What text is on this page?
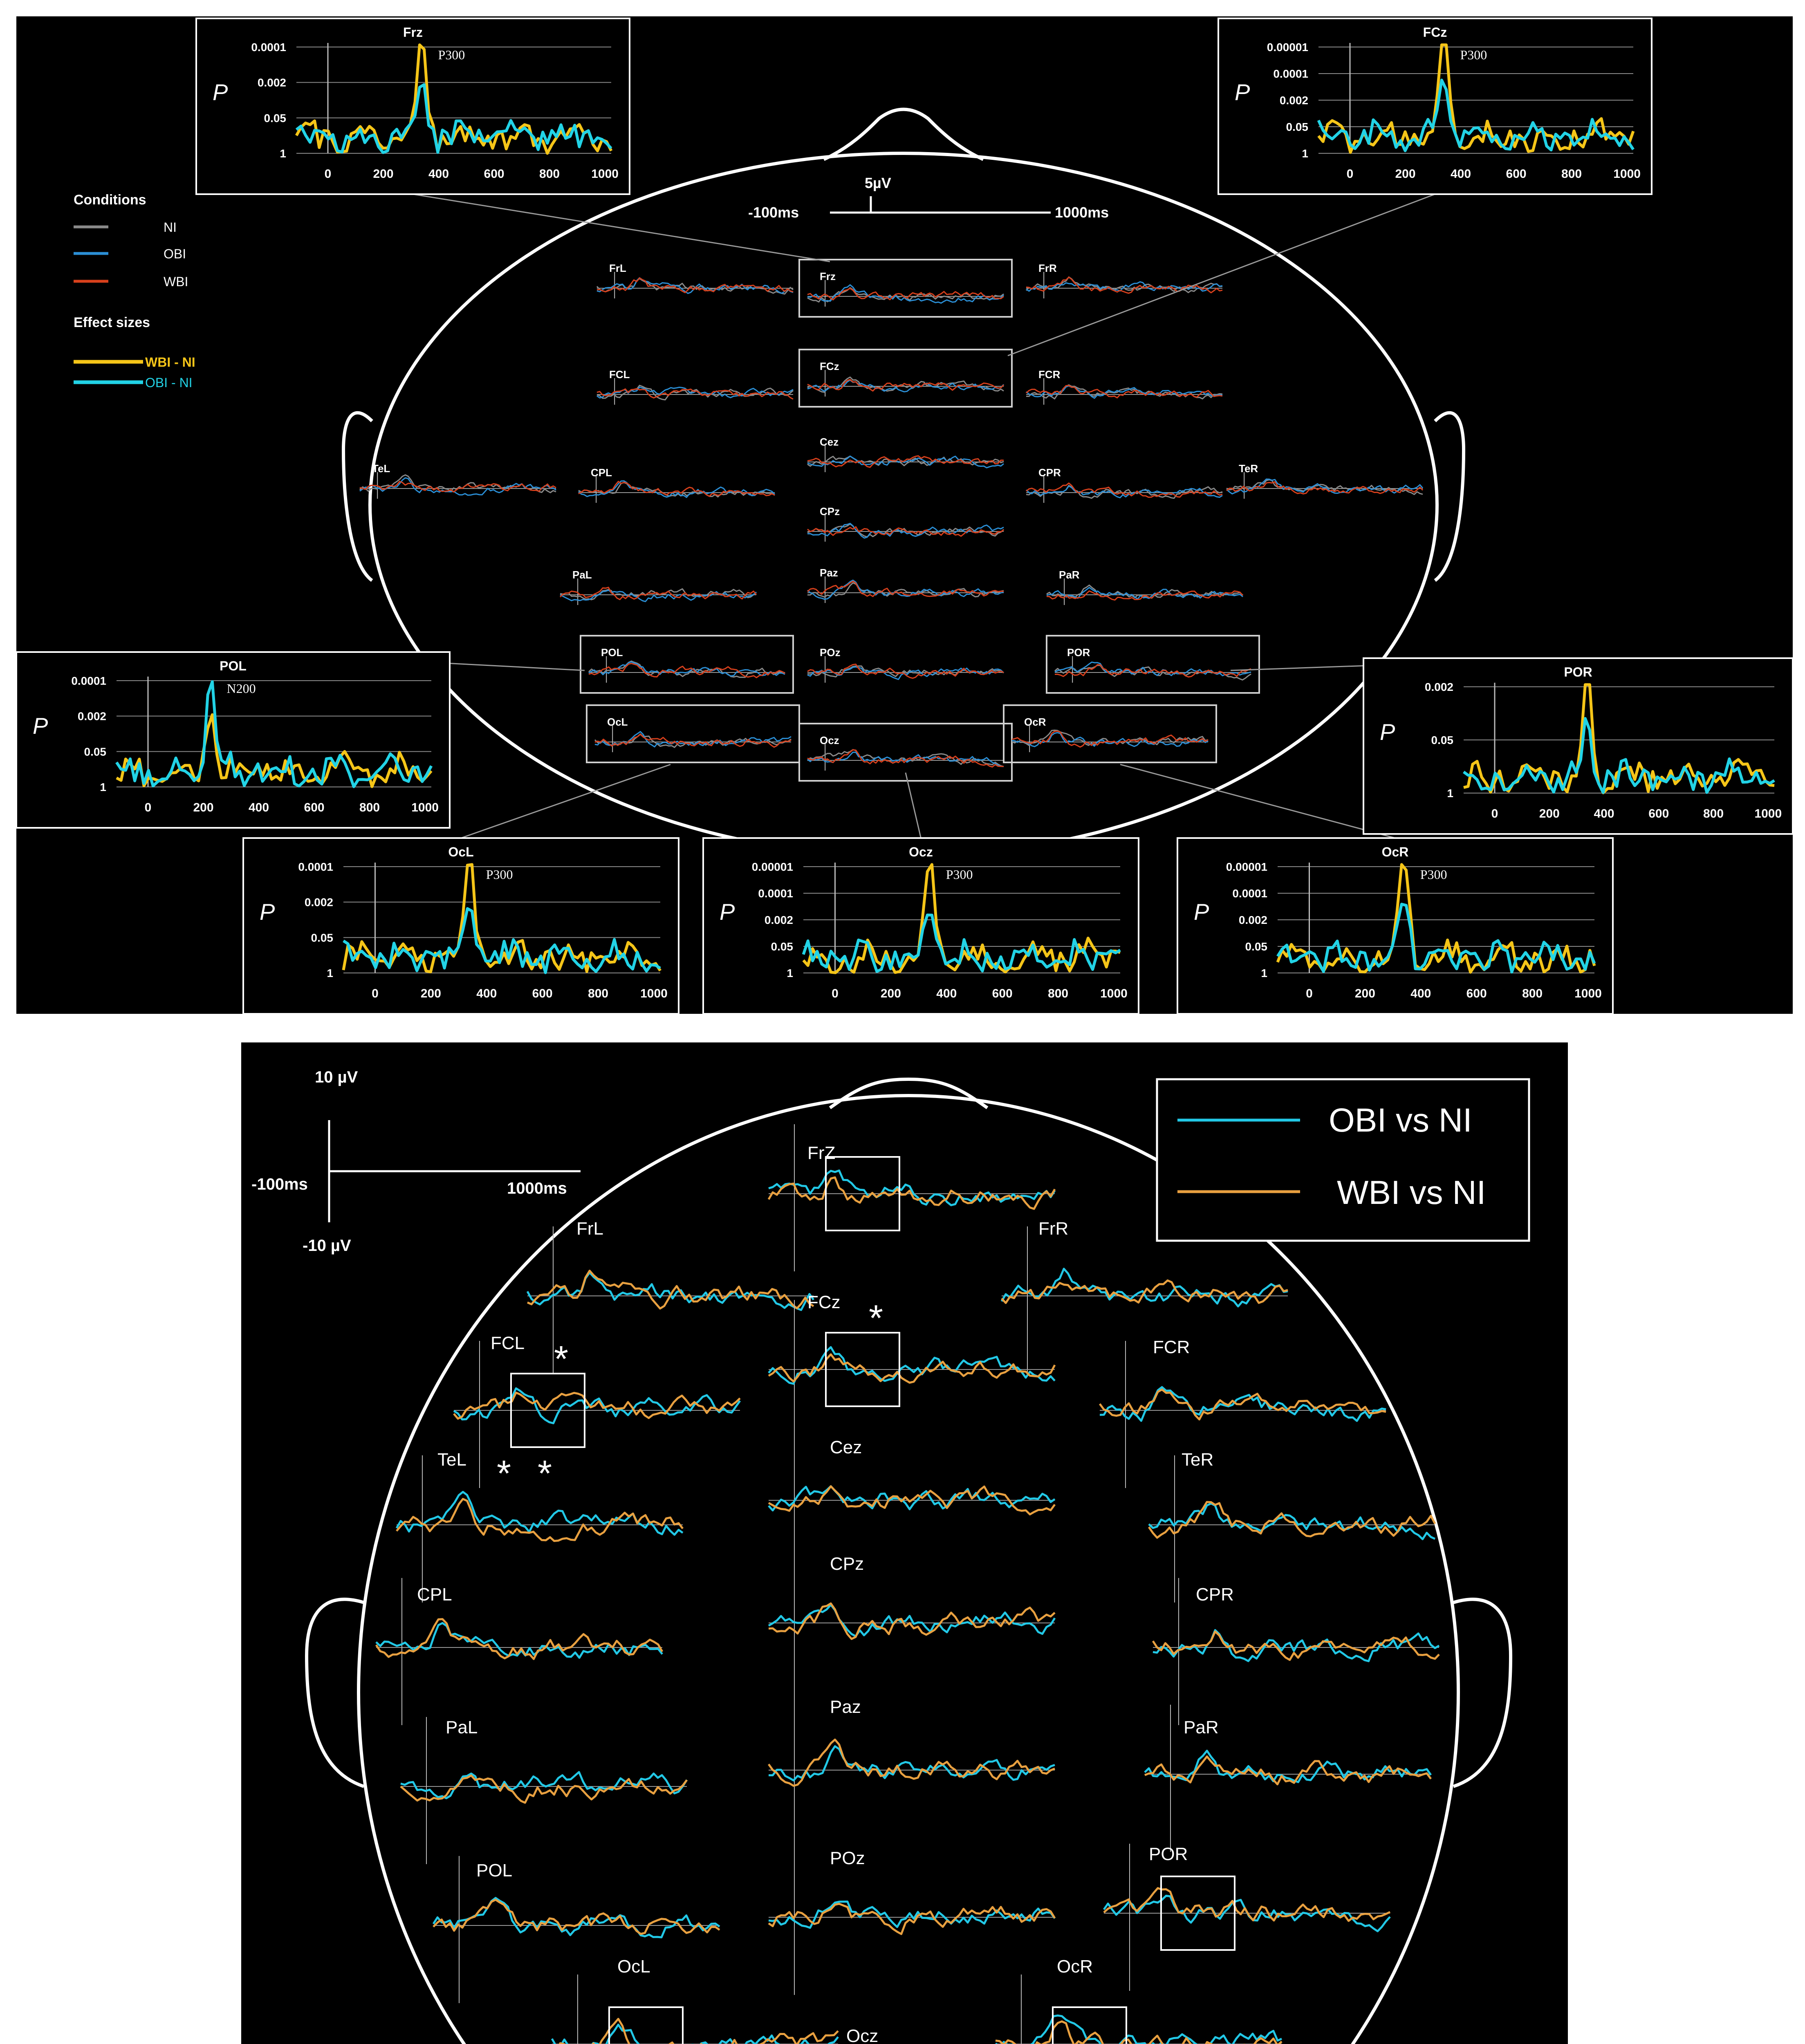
5µV
-100ms	1000ms
Conditions
NI
OBI
WBI
Effect sizes
WBI - NI
OBI - NI
FrL
Frz
FrR
FCL
FCz
FCR
TeL	CPL
Cez
CPR	TeR
CPz
PaL	Paz	PaR
POL	POz	POR
OcL
Ocz
OcR
Frz
P
0.0001
0.002
0.05
1
0	200	400	600	800	1000
P300
FCz
P
0.00001
0.0001
0.002
0.05
1
0	200	400	600	800	1000
P300
POL
P
0.0001
0.002
0.05
1
0	200	400	600	800	1000
N200
POR
P
0.002
0.05
1
0	200	400	600	800	1000
OcL
P
0.0001
0.002
0.05
1
0	200	400	600	800	1000
P300
Ocz
P
0.00001
0.0001
0.002
0.05
1
0	200	400	600	800	1000
P300
OcR
P
0.00001
0.0001
0.002
0.05
1
0	200	400	600	800	1000
P300
10 µV
-100ms	1000ms
-10 µV
OBI vs NI
WBI vs NI
FrZ
FrR
FrL
FCz *
FCL *	FCR
TeL * *
Cez
TeR
CPz
CPL	CPR
Paz
PaL	PaR
POz
POL
POR
OcL	OcR
Ocz
